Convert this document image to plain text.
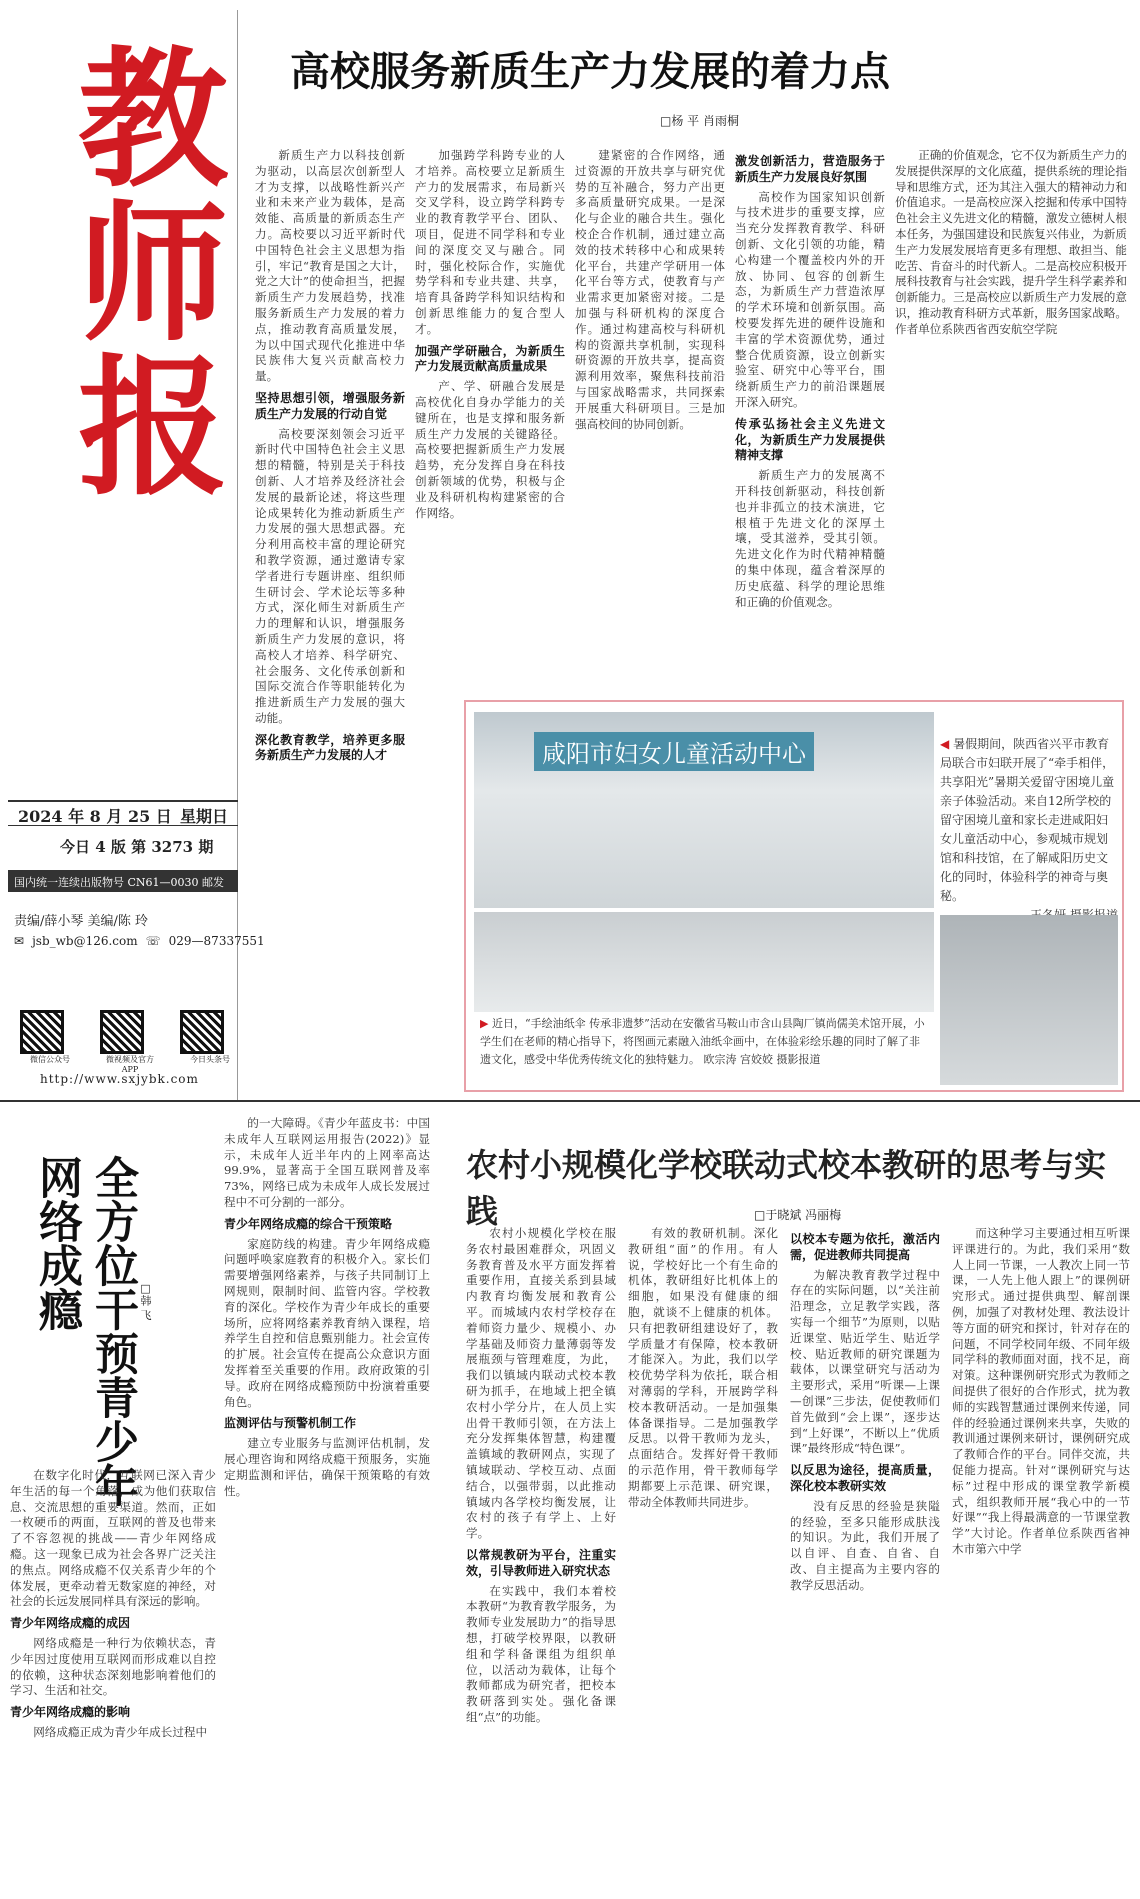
教师报
2024 年 8 月 25 日 星期日
今日 4 版 第 3273 期
国内统一连续出版物号 CN61—0030 邮发代号 51—8
责编/薛小琴 美编/陈 玲
✉ jsb_wb@126.com ☏ 029—87337551
微信公众号	微视频及官方APP
今日头条号
http://www.sxjybk.com
高校服务新质生产力发展的着力点
□杨 平 肖雨桐

新质生产力以科技创新为驱动，以高层次创新型人才为支撑，以战略性新兴产业和未来产业为载体，是高效能、高质量的新质态生产力。高校要以习近平新时代中国特色社会主义思想为指引，牢记“教育是国之大计，党之大计”的使命担当，把握新质生产力发展趋势，找准服务新质生产力发展的着力点，推动教育高质量发展，为以中国式现代化推进中华民族伟大复兴贡献高校力量。

坚持思想引领，增强服务新质生产力发展的行动自觉

高校要深刻领会习近平新时代中国特色社会主义思想的精髓，特别是关于科技创新、人才培养及经济社会发展的最新论述，将这些理论成果转化为推动新质生产力发展的强大思想武器。充分利用高校丰富的理论研究和教学资源，通过邀请专家学者进行专题讲座、组织师生研讨会、学术论坛等多种方式，深化师生对新质生产力的理解和认识，增强服务新质生产力发展的意识，将高校人才培养、科学研究、社会服务、文化传承创新和国际交流合作等职能转化为推进新质生产力发展的强大动能。

深化教育教学，培养更多服务新质生产力发展的人才

加强跨学科跨专业的人才培养。高校要立足新质生产力的发展需求，布局新兴交叉学科，设立跨学科跨专业的教育教学平台、团队、项目，促进不同学科和专业间的深度交叉与融合。同时，强化校际合作，实施优势学科和专业共建、共享，培育具备跨学科知识结构和创新思维能力的复合型人才。

加强产学研融合，为新质生产力发展贡献高质量成果

产、学、研融合发展是高校优化自身办学能力的关键所在，也是支撑和服务新质生产力发展的关键路径。高校要把握新质生产力发展趋势，充分发挥自身在科技创新领域的优势，积极与企业及科研机构构建紧密的合作网络。

建紧密的合作网络，通过资源的开放共享与研究优势的互补融合，努力产出更多高质量研究成果。一是深化与企业的融合共生。强化校企合作机制，通过建立高效的技术转移中心和成果转化平台，共建产学研用一体化平台等方式，使教育与产业需求更加紧密对接。二是加强与科研机构的深度合作。通过构建高校与科研机构的资源共享机制，实现科研资源的开放共享，提高资源利用效率，聚焦科技前沿与国家战略需求，共同探索开展重大科研项目。三是加强高校间的协同创新。

激发创新活力，营造服务于新质生产力发展良好氛围

高校作为国家知识创新与技术进步的重要支撑，应当充分发挥教育教学、科研创新、文化引领的功能，精心构建一个覆盖校内外的开放、协同、包容的创新生态，为新质生产力营造浓厚的学术环境和创新氛围。高校要发挥先进的硬件设施和丰富的学术资源优势，通过整合优质资源，设立创新实验室、研究中心等平台，围绕新质生产力的前沿课题展开深入研究。

传承弘扬社会主义先进文化，为新质生产力发展提供精神支撑

新质生产力的发展离不开科技创新驱动，科技创新也并非孤立的技术演进，它根植于先进文化的深厚土壤，受其滋养，受其引领。先进文化作为时代精神精髓的集中体现，蕴含着深厚的历史底蕴、科学的理论思维和正确的价值观念。

正确的价值观念，它不仅为新质生产力的发展提供深厚的文化底蕴，提供系统的理论指导和思维方式，还为其注入强大的精神动力和价值追求。一是高校应深入挖掘和传承中国特色社会主义先进文化的精髓，激发立德树人根本任务，为强国建设和民族复兴伟业，为新质生产力发展发展培育更多有理想、敢担当、能吃苦、肯奋斗的时代新人。二是高校应积极开展科技教育与社会实践，提升学生科学素养和创新能力。三是高校应以新质生产力发展的意识，推动教育科研方式革新，服务国家战略。作者单位系陕西省西安航空学院

咸阳市妇女儿童活动中心	◀ 暑假期间，陕西省兴平市教育局联合市妇联开展了“牵手相伴，共享阳光”暑期关爱留守困境儿童亲子体验活动。来自12所学校的留守困境儿童和家长走进咸阳妇女儿童活动中心，参观城市规划馆和科技馆，在了解咸阳历史文化的同时，体验科学的神奇与奥秘。
▶ 近日，“手绘油纸伞 传承非遗梦”活动在安徽省马鞍山市含山县陶厂镇尚儒美术馆开展，小学生们在老师的精心指导下，将图画元素融入油纸伞画中，在体验彩绘乐趣的同时了解了非遗文化，感受中华优秀传统文化的独特魅力。 欧宗涛 宫姣姣 摄影报道
全方位干预青少年网络成瘾	□韩 飞

在数字化时代，互联网已深入青少年生活的每一个角落，成为他们获取信息、交流思想的重要渠道。然而，正如一枚硬币的两面，互联网的普及也带来了不容忽视的挑战——青少年网络成瘾。这一现象已成为社会各界广泛关注的焦点。网络成瘾不仅关系青少年的个体发展，更牵动着无数家庭的神经，对社会的长远发展同样具有深远的影响。

青少年网络成瘾的成因

网络成瘾是一种行为依赖状态，青少年因过度使用互联网而形成难以自控的依赖，这种状态深刻地影响着他们的学习、生活和社交。

青少年网络成瘾的影响

网络成瘾正成为青少年成长过程中

的一大障碍。《青少年蓝皮书：中国未成年人互联网运用报告(2022)》显示，未成年人近半年内的上网率高达99.9%，显著高于全国互联网普及率73%，网络已成为未成年人成长发展过程中不可分割的一部分。

青少年网络成瘾的综合干预策略

家庭防线的构建。青少年网络成瘾问题呼唤家庭教育的积极介入。家长们需要增强网络素养，与孩子共同制订上网规则，限制时间、监管内容。学校教育的深化。学校作为青少年成长的重要场所，应将网络素养教育纳入课程，培养学生自控和信息甄别能力。社会宣传的扩展。社会宣传在提高公众意识方面发挥着至关重要的作用。政府政策的引导。政府在网络成瘾预防中扮演着重要角色。

监测评估与预警机制工作

建立专业服务与监测评估机制，发展心理咨询和网络成瘾干预服务，实施定期监测和评估，确保干预策略的有效性。

农村小规模化学校联动式校本教研的思考与实践	□于晓斌 冯丽梅

农村小规模化学校在服务农村最困难群众，巩固义务教育普及水平方面发挥着重要作用，直接关系到县域内教育均衡发展和教育公平。而城域内农村学校存在着师资力量少、规模小、办学基础及师资力量薄弱等发展瓶颈与管理难度，为此，我们以镇域内联动式校本教研为抓手，在地域上把全镇农村小学分片，在人员上实出骨干教师引领，在方法上充分发挥集体智慧，构建覆盖镇域的教研网点，实现了镇域联动、学校互动、点面结合，以强带弱，以此推动镇域内各学校均衡发展，让农村的孩子有学上、上好学。

以常规教研为平台，注重实效，引导教师进入研究状态

在实践中，我们本着校本教研“为教育教学服务，为教师专业发展助力”的指导思想，打破学校界限，以教研组和学科备课组为组织单位，以活动为载体，让每个教师都成为研究者，把校本教研落到实处。强化备课组“点”的功能。

有效的教研机制。深化教研组“面”的作用。有人说，学校好比一个有生命的机体，教研组好比机体上的细胞，如果没有健康的细胞，就谈不上健康的机体。只有把教研组建设好了，教学质量才有保障，校本教研才能深入。为此，我们以学校优势学科为依托，联合相对薄弱的学科，开展跨学科校本教研活动。一是加强集体备课指导。二是加强教学反思。以骨干教师为龙头，点面结合。发挥好骨干教师的示范作用，骨干教师每学期都要上示范课、研究课，带动全体教师共同进步。

以校本专题为依托，激活内需，促进教师共同提高

为解决教育教学过程中存在的实际问题，以“关注前沿理念，立足教学实践，落实每一个细节”为原则，以贴近课堂、贴近学生、贴近学校、贴近教师的研究课题为载体，以课堂研究与活动为主要形式，采用“听课—上课—创课”三步法，促使教师们首先做到“会上课”，逐步达到“上好课”，不断以上“优质课”最终形成“特色课”。

以反思为途径，提高质量，深化校本教研实效

没有反思的经验是狭隘的经验，至多只能形成肤浅的知识。为此，我们开展了以自评、自查、自省、自改、自主提高为主要内容的教学反思活动。

而这种学习主要通过相互听课评课进行的。为此，我们采用“数人上同一节课，一人教次上同一节课，一人先上他人跟上”的课例研究形式。通过提供典型、解剖课例，加强了对教材处理、教法设计等方面的研究和探讨，针对存在的问题，不同学校同年级、不同年级同学科的教师面对面，找不足，商对策。这种课例研究形式为教师之间提供了很好的合作形式，扰为教师的实践智慧通过课例来传递，同伴的经验通过课例来共享，失败的教训通过课例来研讨，课例研究成了教师合作的平台。同伴交流，共促能力提高。针对“课例研究与达标”过程中形成的课堂教学新模式，组织教师开展“我心中的一节好课”“我上得最满意的一节课堂教学”大讨论。作者单位系陕西省神木市第六中学
